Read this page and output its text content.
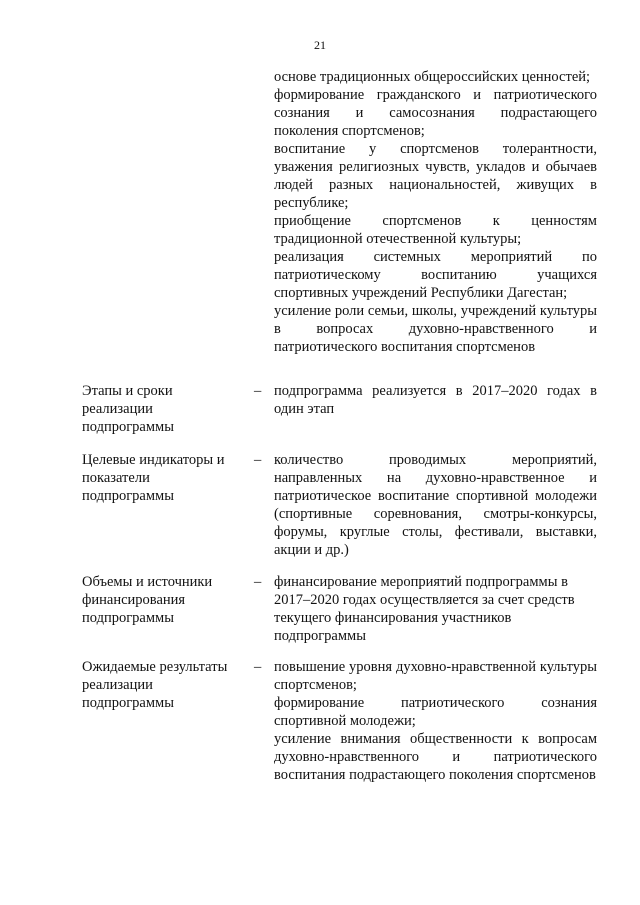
21

основе традиционных общероссийских ценностей;

формирование гражданского и патриотического сознания и самосознания подрастающего поколения спортсменов;

воспитание у спортсменов толерантности, уважения религиозных чувств, укладов и обычаев людей разных национальностей, живущих в республике;

приобщение спортсменов к ценностям традиционной отечественной культуры;

реализация системных мероприятий по патриотическому воспитанию учащихся спортивных учреждений Республики Дагестан;

усиление роли семьи, школы, учреждений культуры в вопросах духовно-нравственного и патриотического воспитания спортсменов

Этапы и сроки
реализации
подпрограммы
– подпрограмма реализуется в 2017–2020 годах в один этап

Целевые индикаторы и
показатели
подпрограммы
– количество проводимых мероприятий, направленных на духовно-нравственное и патриотическое воспитание спортивной молодежи (спортивные соревнования, смотры-конкурсы, форумы, круглые столы, фестивали, выставки, акции и др.)

Объемы и источники
финансирования
подпрограммы
– финансирование мероприятий подпрограммы в 2017–2020 годах осуществляется за счет средств текущего финансирования участников подпрограммы

Ожидаемые результаты
реализации
подпрограммы
– повышение уровня духовно-нравственной культуры спортсменов;

формирование патриотического сознания спортивной молодежи;

усиление внимания общественности к вопросам духовно-нравственного и патриотического воспитания подрастающего поколения спортсменов
